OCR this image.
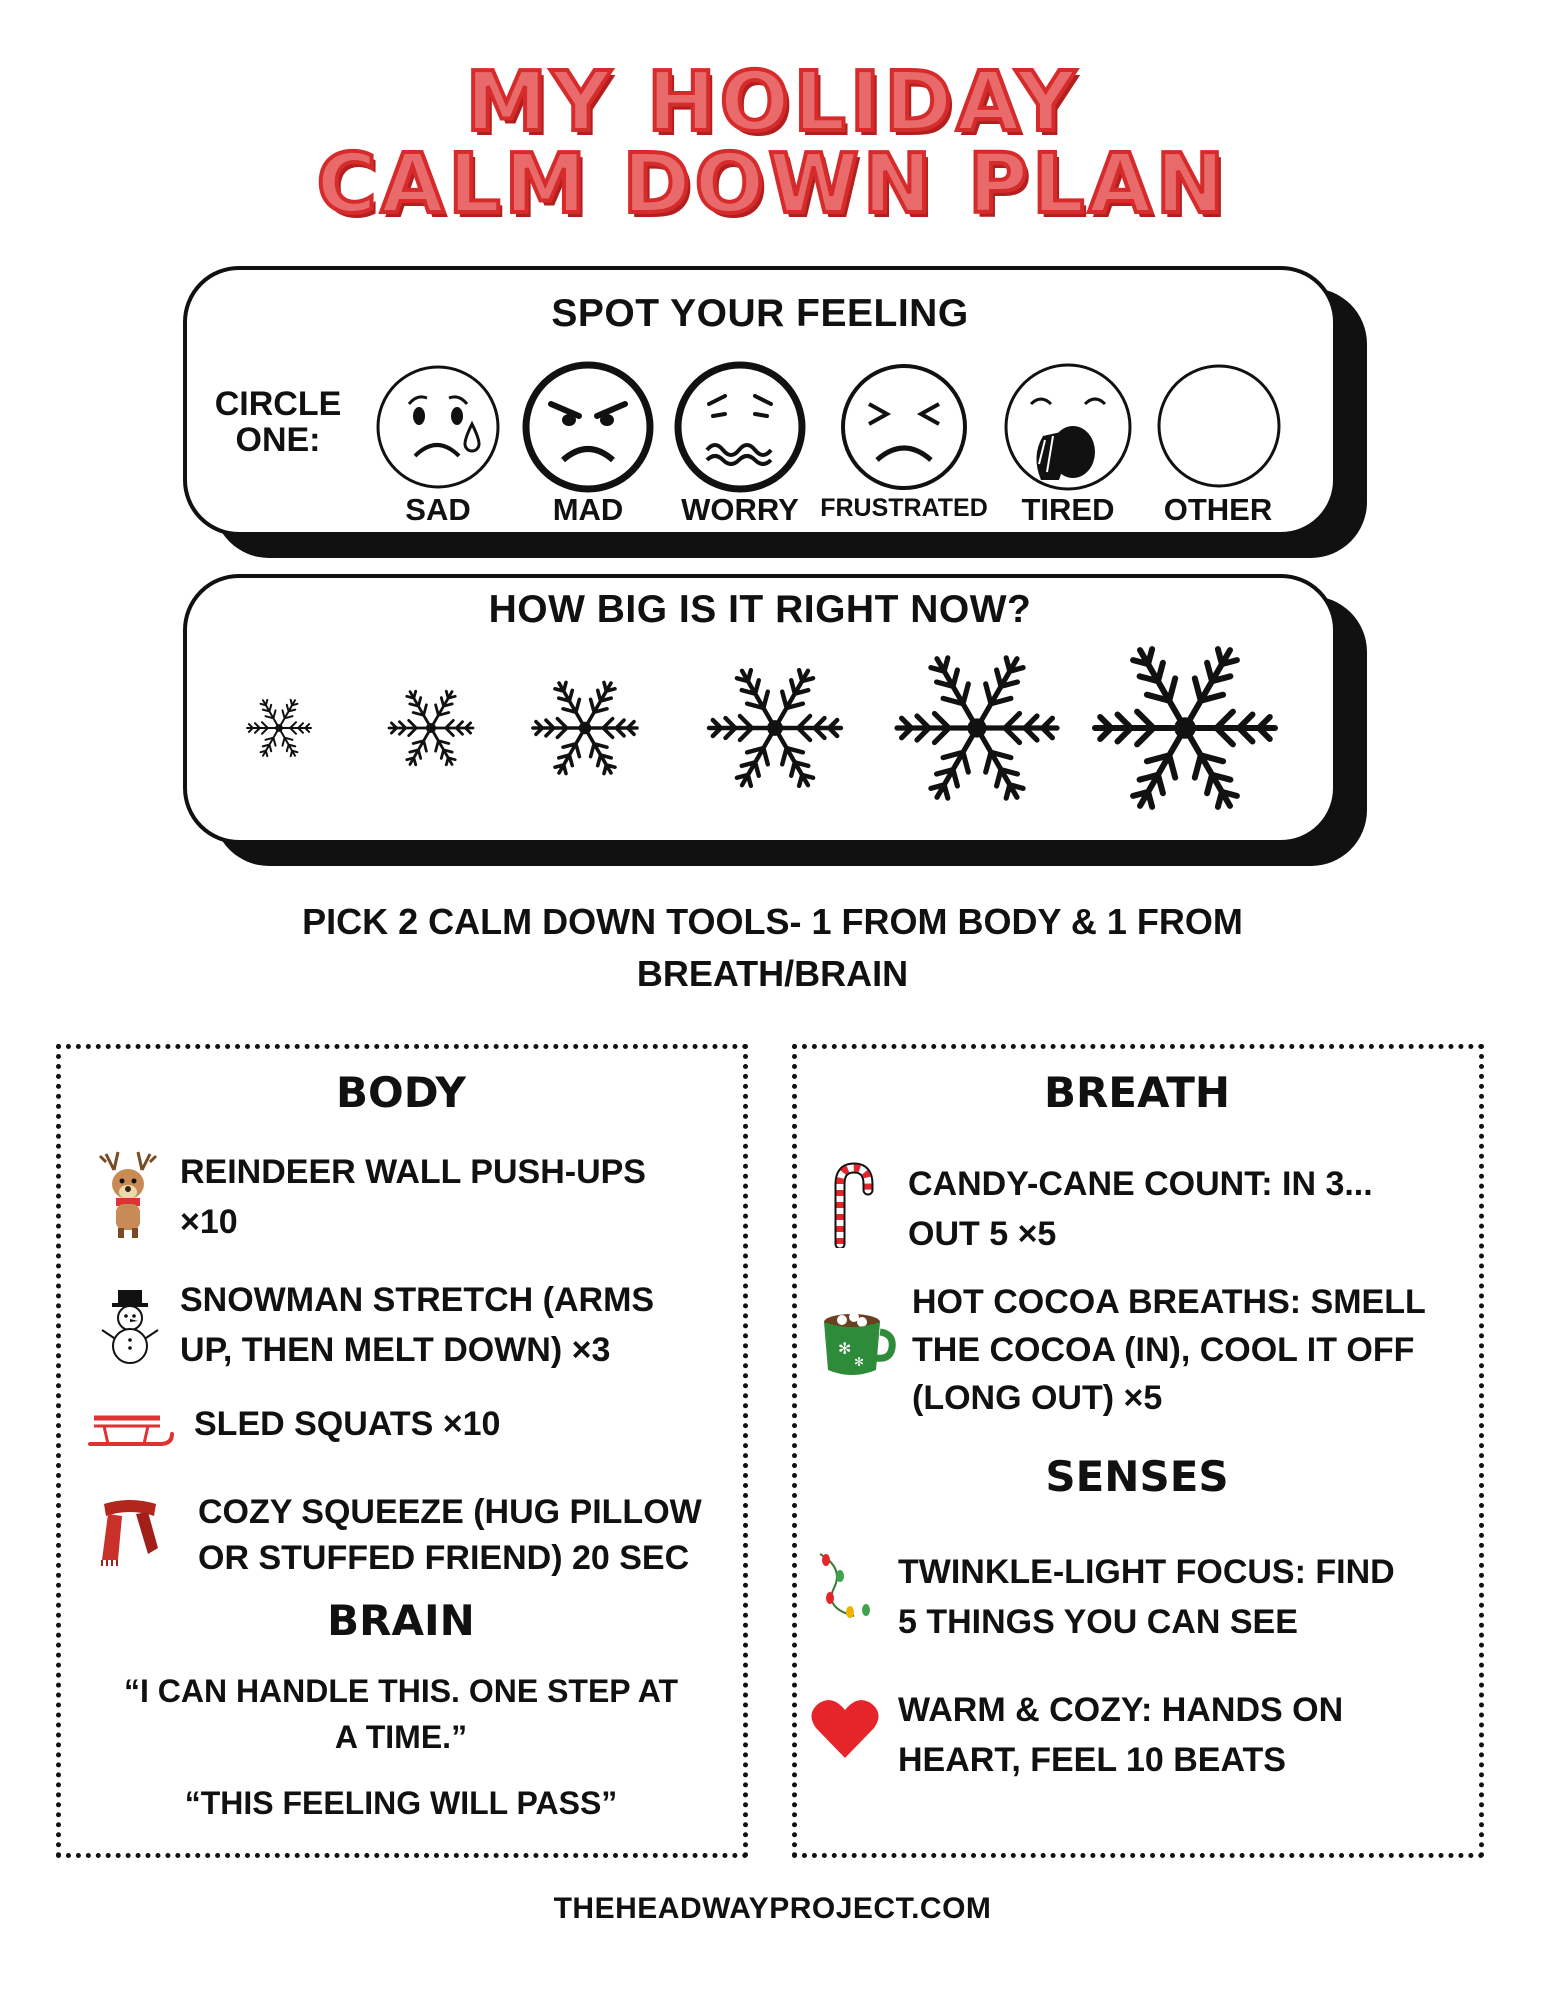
MY HOLIDAY
CALM DOWN PLAN
SPOT YOUR FEELING
CIRCLE ONE:
SAD	MAD	WORRY FRUSTRATED	TIRED	OTHER
HOW BIG IS IT RIGHT NOW?
PICK 2 CALM DOWN TOOLS- 1 FROM BODY & 1 FROM
BREATH/BRAIN
BODY
REINDEER WALL PUSH-UPS
×10
SNOWMAN STRETCH (ARMS
UP, THEN MELT DOWN) ×3
SLED SQUATS ×10
COZY SQUEEZE (HUG PILLOW
OR STUFFED FRIEND) 20 SEC
BRAIN
“I CAN HANDLE THIS. ONE STEP AT
A TIME.”
“THIS FEELING WILL PASS”
BREATH
CANDY-CANE COUNT: IN 3...
OUT 5 ×5
✻
✻
HOT COCOA BREATHS: SMELL
THE COCOA (IN), COOL IT OFF
(LONG OUT) ×5
SENSES
TWINKLE-LIGHT FOCUS: FIND
5 THINGS YOU CAN SEE
WARM & COZY: HANDS ON
HEART, FEEL 10 BEATS
THEHEADWAYPROJECT.COM
